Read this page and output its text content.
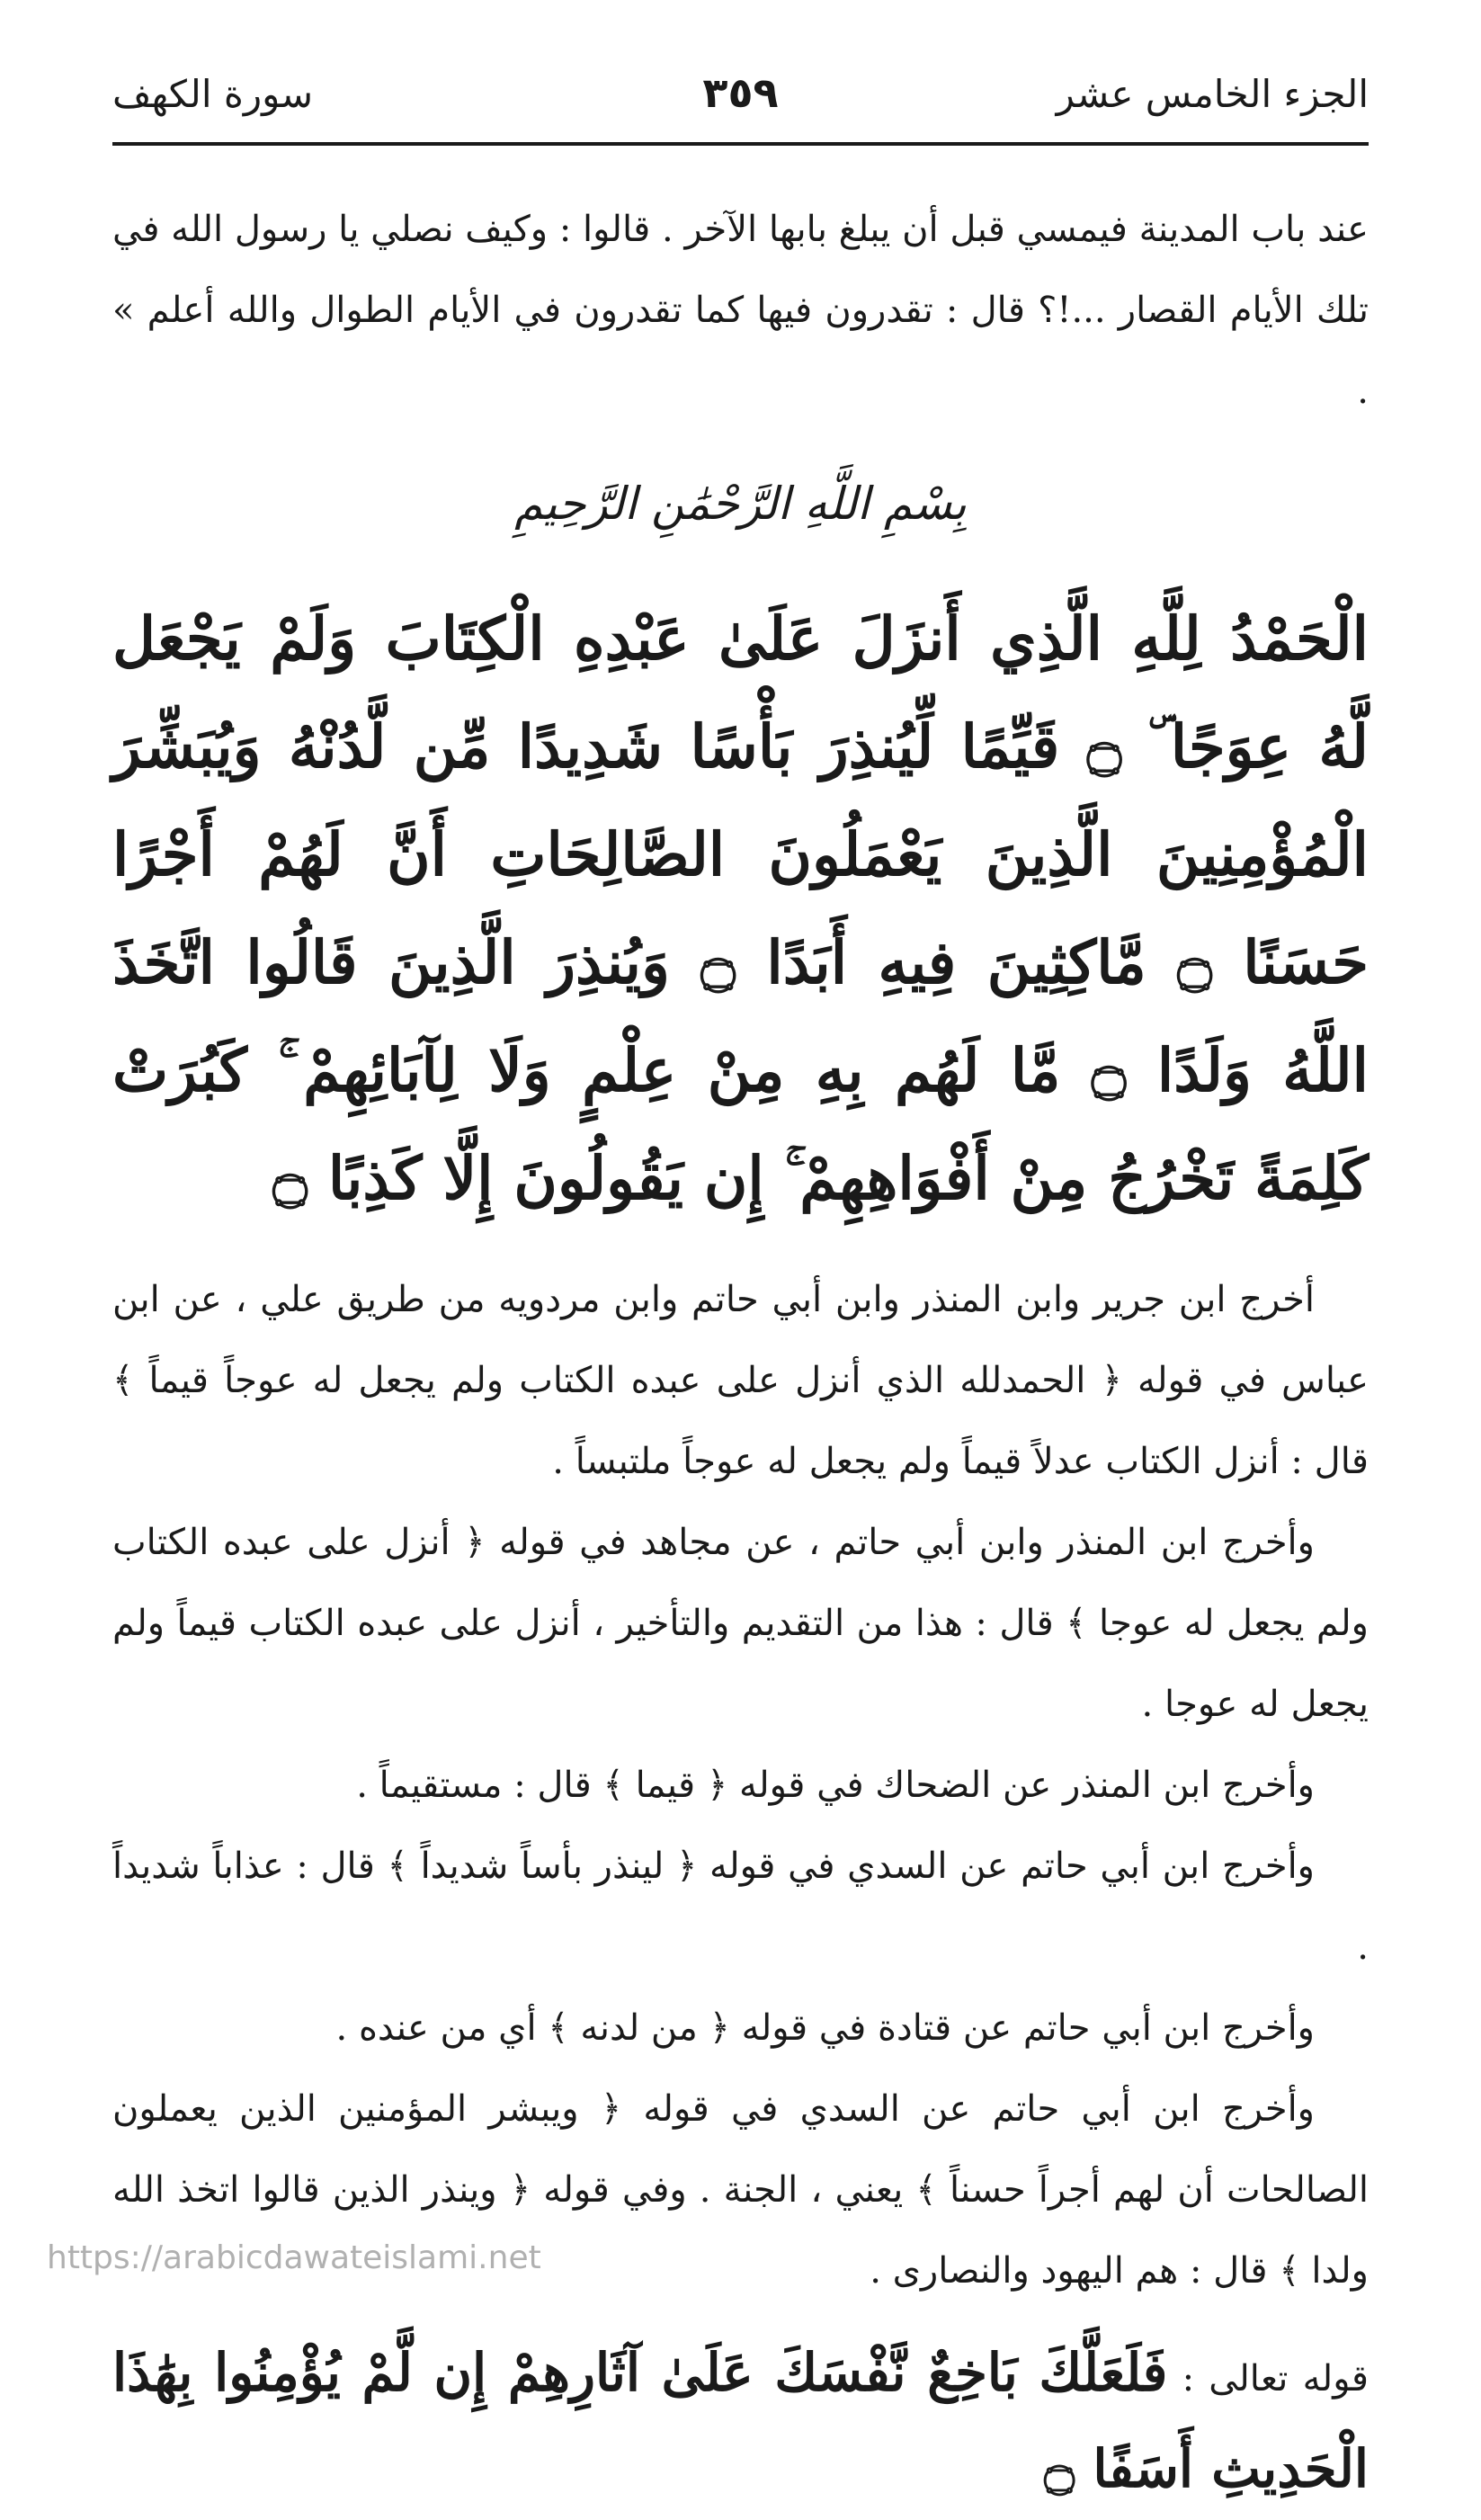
الجزء الخامس عشر
٣٥٩
سورة الكهف

عند باب المدينة فيمسي قبل أن يبلغ بابها الآخر . قالوا : وكيف نصلي يا رسول الله في تلك الأيام القصار ...!؟ قال : تقدرون فيها كما تقدرون في الأيام الطوال والله أعلم » .

بِسْمِ اللَّهِ الرَّحْمَٰنِ الرَّحِيمِ

الْحَمْدُ لِلَّهِ الَّذِي أَنزَلَ عَلَىٰ عَبْدِهِ الْكِتَابَ وَلَمْ يَجْعَل لَّهُ عِوَجًا ۜ ۝ قَيِّمًا لِّيُنذِرَ بَأْسًا شَدِيدًا مِّن لَّدُنْهُ وَيُبَشِّرَ الْمُؤْمِنِينَ الَّذِينَ يَعْمَلُونَ الصَّالِحَاتِ أَنَّ لَهُمْ أَجْرًا حَسَنًا ۝ مَّاكِثِينَ فِيهِ أَبَدًا ۝ وَيُنذِرَ الَّذِينَ قَالُوا اتَّخَذَ اللَّهُ وَلَدًا ۝ مَّا لَهُم بِهِ مِنْ عِلْمٍ وَلَا لِآبَائِهِمْ ۚ كَبُرَتْ كَلِمَةً تَخْرُجُ مِنْ أَفْوَاهِهِمْ ۚ إِن يَقُولُونَ إِلَّا كَذِبًا ۝

أخرج ابن جرير وابن المنذر وابن أبي حاتم وابن مردويه من طريق علي ، عن ابن عباس في قوله ﴿ الحمدلله الذي أنزل على عبده الكتاب ولم يجعل له عوجاً قيماً ﴾ قال : أنزل الكتاب عدلاً قيماً ولم يجعل له عوجاً ملتبساً .

وأخرج ابن المنذر وابن أبي حاتم ، عن مجاهد في قوله ﴿ أنزل على عبده الكتاب ولم يجعل له عوجا ﴾ قال : هذا من التقديم والتأخير ، أنزل على عبده الكتاب قيماً ولم يجعل له عوجا .

وأخرج ابن المنذر عن الضحاك في قوله ﴿ قيما ﴾ قال : مستقيماً .

وأخرج ابن أبي حاتم عن السدي في قوله ﴿ لينذر بأساً شديداً ﴾ قال : عذاباً شديداً .

وأخرج ابن أبي حاتم عن قتادة في قوله ﴿ من لدنه ﴾ أي من عنده .

وأخرج ابن أبي حاتم عن السدي في قوله ﴿ ويبشر المؤمنين الذين يعملون الصالحات أن لهم أجراً حسناً ﴾ يعني ، الجنة . وفي قوله ﴿ وينذر الذين قالوا اتخذ الله ولدا ﴾ قال : هم اليهود والنصارى .

قوله تعالى : فَلَعَلَّكَ بَاخِعٌ نَّفْسَكَ عَلَىٰ آثَارِهِمْ إِن لَّمْ يُؤْمِنُوا بِهَٰذَا الْحَدِيثِ أَسَفًا ۝
https://arabicdawateislami.net
